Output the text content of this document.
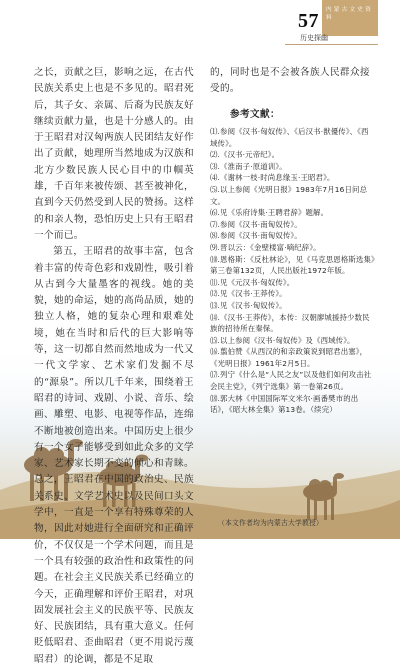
内 蒙 古 文 史 资 料
57
历史探幽

之长，贡献之巨，影响之远，在古代民族关系史上也是不多见的。昭君死后，其子女、亲属、后裔为民族友好继续贡献力量，也是十分感人的。由于王昭君对汉匈两族人民团结友好作出了贡献，她理所当然地成为汉族和北方少数民族人民心目中的巾帼英雄，千百年来被传颂、甚至被神化，直到今天仍然受到人民的赞扬。这样的和亲人物，恐怕历史上只有王昭君一个而已。

第五，王昭君的故事丰富，包含着丰富的传奇色彩和戏剧性，吸引着从古到今大量墨客的视线。她的美貌，她的命运，她的高尚品质，她的独立人格，她的复杂心理和艰难处境，她在当时和后代的巨大影响等等，这一切都自然而然地成为一代又一代文学家、艺术家们发掘不尽的“源泉”。所以几千年来，围绕着王昭君的诗词、戏剧、小说、音乐、绘画、雕塑、电影、电视等作品，连绵不断地被创造出来。中国历史上很少有一个女子能够受到如此众多的文学家、艺术家长期不变的倾心和青睐。总之，王昭君在中国的政治史、民族关系史、文学艺术史以及民间口头文学中，一直是一个享有特殊尊荣的人物，因此对她进行全面研究和正确评价，不仅仅是一个学术问题，而且是一个具有较强的政治性和政策性的问题。在社会主义民族关系已经确立的今天，正确理解和评价王昭君，对巩固发展社会主义的民族平等、民族友好、民族团结，具有重大意义。任何貶低昭君、歪曲昭君（更不用说污蔑昭君）的论调，都是不足取

的，同时也是不会被各族人民群众接受的。

参考文献：
⑴.参阅《汉书·匈奴传》、《后汉书·獣優传》、《西域传》。
⑵.《汉书·元帝纪》。
⑶.《淮南子·原道训》。
⑷.《谢林一枝·时尚息缘玉·王昭君》。
⑸.以上参阅《光明日报》1983年7月16日问总文。
⑹.见《乐府诗集·王聘君辞》题解。
⑺.参阅《汉书·南匈奴传》。
⑻.参阅《汉书·南匈奴传》。
⑼.晋以云：《金壁楼富·嘀纪辞》。
⑽.恩格斯：《反杜林论》，见《马克思恩格斯选集》第三卷第132页，人民出版社1972年版。
⑾.见《元汉书·匈奴传》。
⑿.见《汉书·王莽传》。
⒀.见《汉书·匈奴传》。
⒁.《汉书·王莽传》，本传：汉朝廖城援持少数民族的招待所在秦保。
⒂.以上参阅《汉书·匈奴传》及《西域传》。
⒃.翦伯赞《从西汉的和亲政策说到昭君出塞》，《光明日报》1961年2月5日。
⒄.列宁《什么是“人民之友”以及他们如何攻击社会民主党》，《列宁选集》第一卷第26页。
⒅.郭大林《中国国际军文米尔·画番樊市的出话》，《昭大林全集》第13卷。（续完）
（本文作者均为内蒙古大学教授）
